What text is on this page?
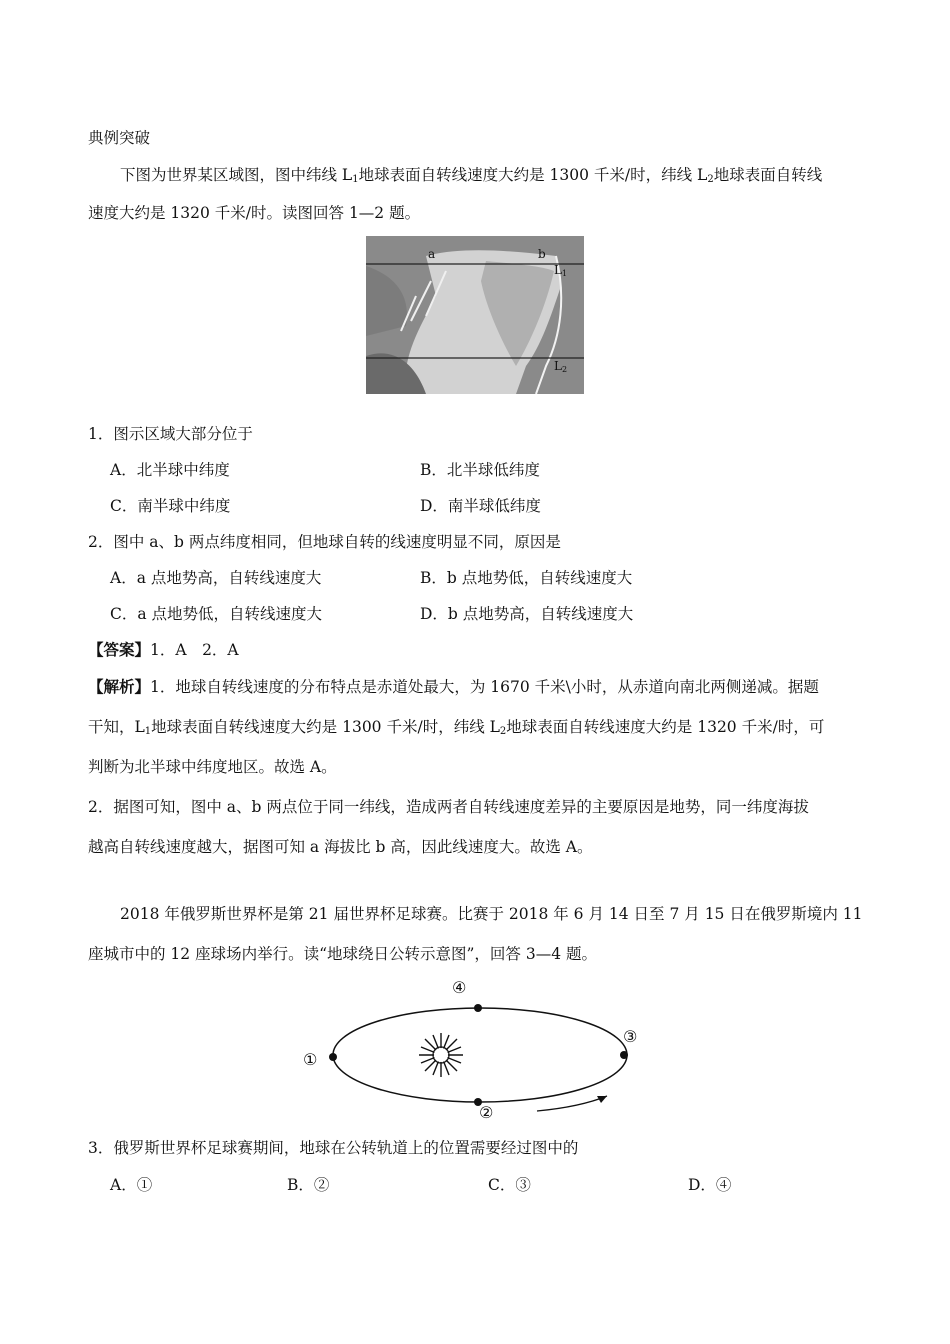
典例突破
下图为世界某区域图，图中纬线 $L_1$地球表面自转线速度大约是 1300 千米/时，纬线 $L_2$地球表面自转线
速度大约是 1320 千米/时。读图回答 1—2 题。
a	b
L1
L2
1．图示区域大部分位于
A．北半球中纬度	B．北半球低纬度
C．南半球中纬度	D．南半球低纬度
2．图中 a、b 两点纬度相同，但地球自转的线速度明显不同，原因是
A．a 点地势高，自转线速度大	B．b 点地势低，自转线速度大
C．a 点地势低，自转线速度大	D．b 点地势高，自转线速度大
【答案】1．A　2．A
【解析】1．地球自转线速度的分布特点是赤道处最大，为 1670 千米\小时，从赤道向南北两侧递减。据题
干知，$L_1$地球表面自转线速度大约是 1300 千米/时，纬线 $L_2$地球表面自转线速度大约是 1320 千米/时，可
判断为北半球中纬度地区。故选 A。
2．据图可知，图中 a、b 两点位于同一纬线，造成两者自转线速度差异的主要原因是地势，同一纬度海拔
越高自转线速度越大，据图可知 a 海拔比 b 高，因此线速度大。故选 A。
2018 年俄罗斯世界杯是第 21 届世界杯足球赛。比赛于 2018 年 6 月 14 日至 7 月 15 日在俄罗斯境内 11
座城市中的 12 座球场内举行。读“地球绕日公转示意图”，回答 3—4 题。
①
④
③
②
3．俄罗斯世界杯足球赛期间，地球在公转轨道上的位置需要经过图中的
A．①	B．②	C．③	D．④
